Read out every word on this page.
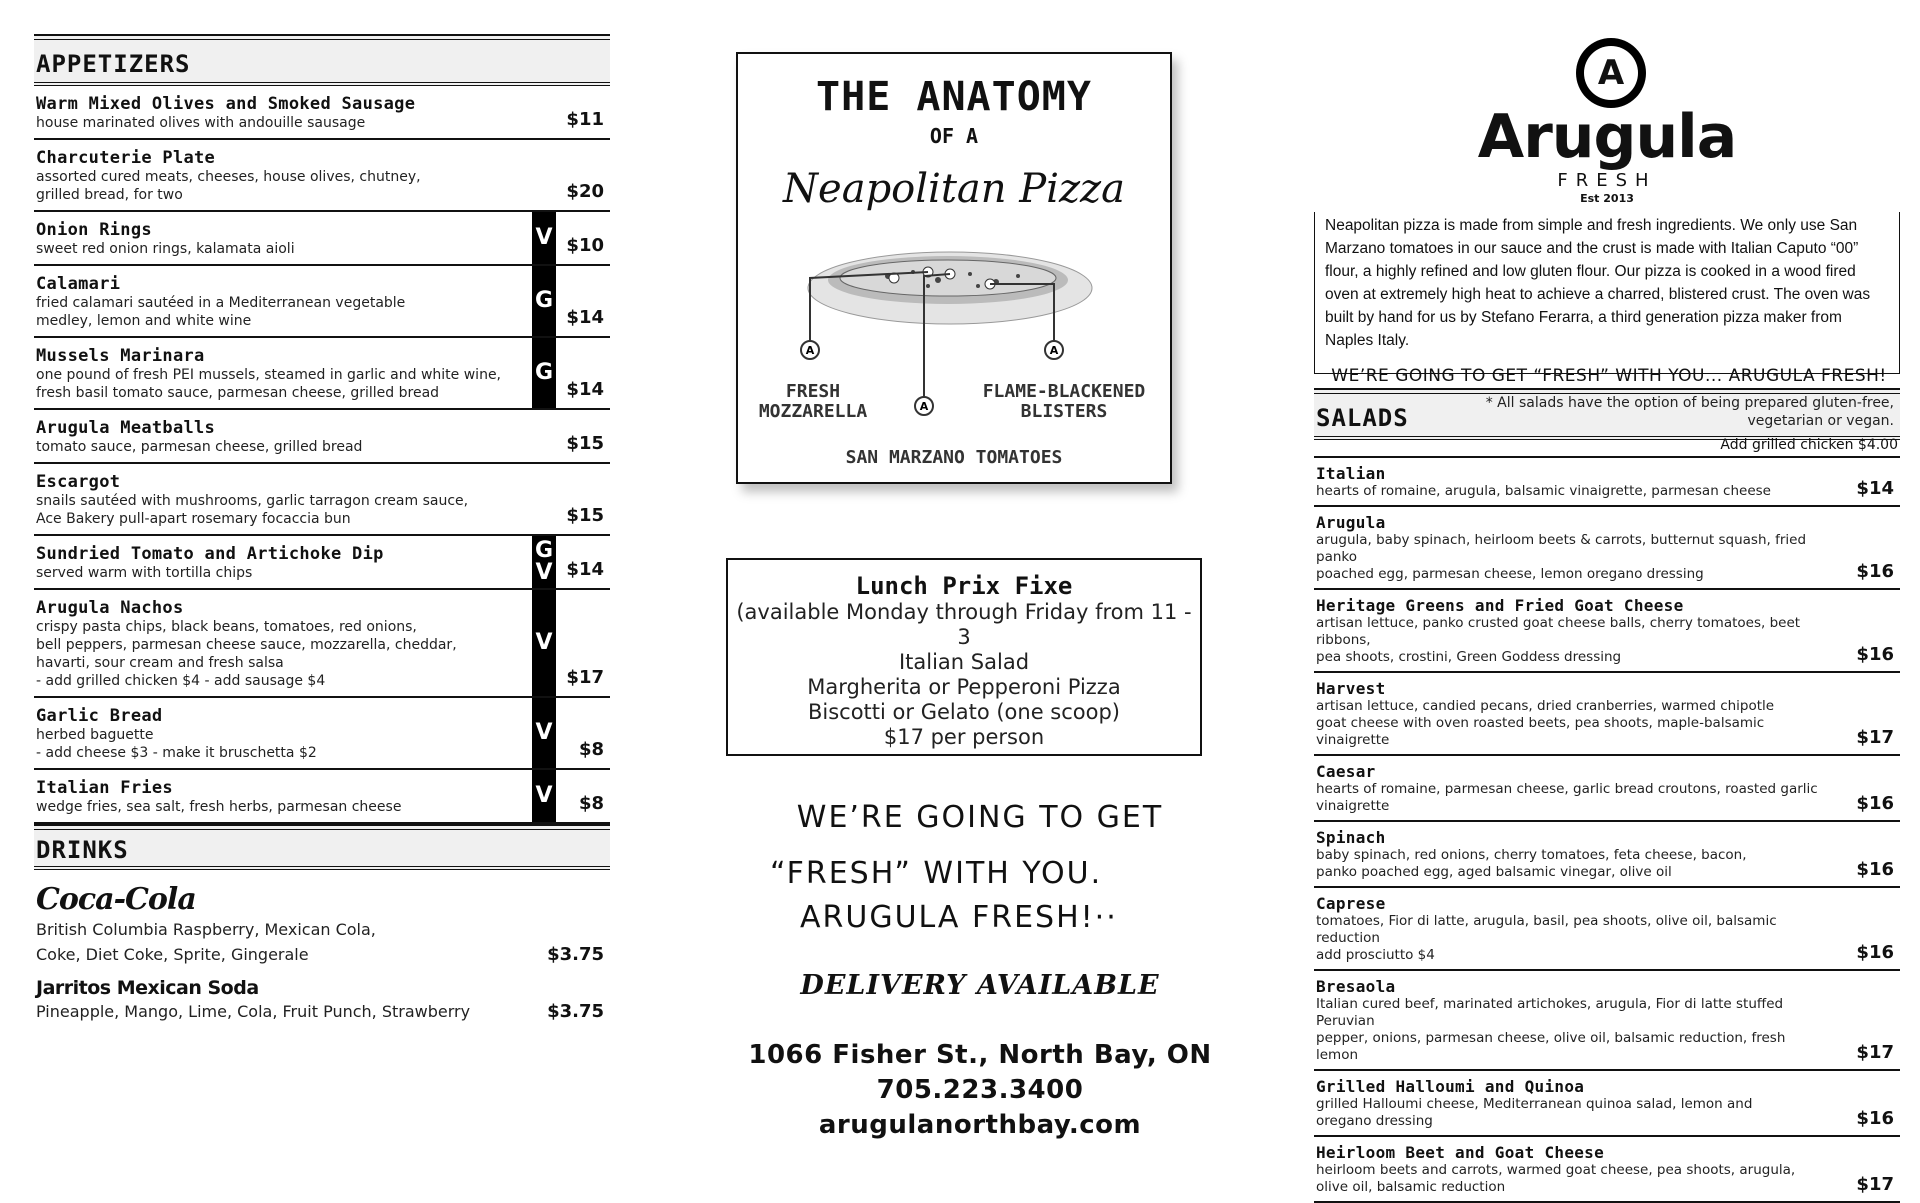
APPETIZERS
Warm Mixed Olives and Smoked Sausage
house marinated olives with andouille sausage	$11
Charcuterie Plate
assorted cured meats, cheeses, house olives, chutney,
grilled bread, for two	$20
Onion Rings
sweet red onion rings, kalamata aioli	$10
V
Calamari
fried calamari sautéed in a Mediterranean vegetable
medley, lemon and white wine	$14
G
Mussels Marinara
one pound of fresh PEI mussels, steamed in garlic and white wine,
fresh basil tomato sauce, parmesan cheese, grilled bread	$14
G
Arugula Meatballs
tomato sauce, parmesan cheese, grilled bread	$15
Escargot
snails sautéed with mushrooms, garlic tarragon cream sauce,
Ace Bakery pull-apart rosemary focaccia bun	$15
Sundried Tomato and Artichoke Dip
served warm with tortilla chips	$14
G
V
Arugula Nachos
crispy pasta chips, black beans, tomatoes, red onions,
bell peppers, parmesan cheese sauce, mozzarella, cheddar,
havarti, sour cream and fresh salsa
- add grilled chicken $4 - add sausage $4	$17
V
Garlic Bread
herbed baguette
- add cheese $3 - make it bruschetta $2	$8
V
Italian Fries
wedge fries, sea salt, fresh herbs, parmesan cheese	$8
V
DRINKS
Coca-Cola
British Columbia Raspberry, Mexican Cola,
Coke, Diet Coke, Sprite, Gingerale	$3.75
Jarritos Mexican Soda
Pineapple, Mango, Lime, Cola, Fruit Punch, Strawberry	$3.75
THE ANATOMY
OF A
Neapolitan Pizza
A
A
A
FRESH
MOZZARELLA
FLAME-BLACKENED
BLISTERS
SAN MARZANO TOMATOES
Lunch Prix Fixe
(available Monday through Friday from 11 - 3
Italian Salad
Margherita or Pepperoni Pizza
Biscotti or Gelato (one scoop)
$17 per person
WE’RE GOING TO GET
“FRESH” WITH YOU.
ARUGULA FRESH!··
DELIVERY AVAILABLE
1066 Fisher St., North Bay, ON
705.223.3400
arugulanorthbay.com
A
Arugula
FRESH
Est 2013
Neapolitan pizza is made from simple and fresh ingredients. We only use San Marzano tomatoes in our sauce and the crust is made with Italian Caputo “00” flour, a highly refined and low gluten flour. Our pizza is cooked in a wood fired oven at extremely high heat to achieve a charred, blistered crust. The oven was built by hand for us by Stefano Ferarra, a third generation pizza maker from Naples Italy.
WE’RE GOING TO GET “FRESH” WITH YOU... ARUGULA FRESH!
SALADS
* All salads have the option of being prepared gluten-free,
vegetarian or vegan.
Add grilled chicken $4.00
Italian
hearts of romaine, arugula, balsamic vinaigrette, parmesan cheese	$14
Arugula
arugula, baby spinach, heirloom beets & carrots, butternut squash, fried panko
poached egg, parmesan cheese, lemon oregano dressing	$16
Heritage Greens and Fried Goat Cheese
artisan lettuce, panko crusted goat cheese balls, cherry tomatoes, beet ribbons,
pea shoots, crostini, Green Goddess dressing	$16
Harvest
artisan lettuce, candied pecans, dried cranberries, warmed chipotle
goat cheese with oven roasted beets, pea shoots, maple-balsamic vinaigrette	$17
Caesar
hearts of romaine, parmesan cheese, garlic bread croutons, roasted garlic
vinaigrette	$16
Spinach
baby spinach, red onions, cherry tomatoes, feta cheese, bacon,
panko poached egg, aged balsamic vinegar, olive oil	$16
Caprese
tomatoes, Fior di latte, arugula, basil, pea shoots, olive oil, balsamic reduction
add prosciutto $4	$16
Bresaola
Italian cured beef, marinated artichokes, arugula, Fior di latte stuffed Peruvian
pepper, onions, parmesan cheese, olive oil, balsamic reduction, fresh lemon	$17
Grilled Halloumi and Quinoa
grilled Halloumi cheese, Mediterranean quinoa salad, lemon and
oregano dressing	$16
Heirloom Beet and Goat Cheese
heirloom beets and carrots, warmed goat cheese, pea shoots, arugula,
olive oil, balsamic reduction	$17
